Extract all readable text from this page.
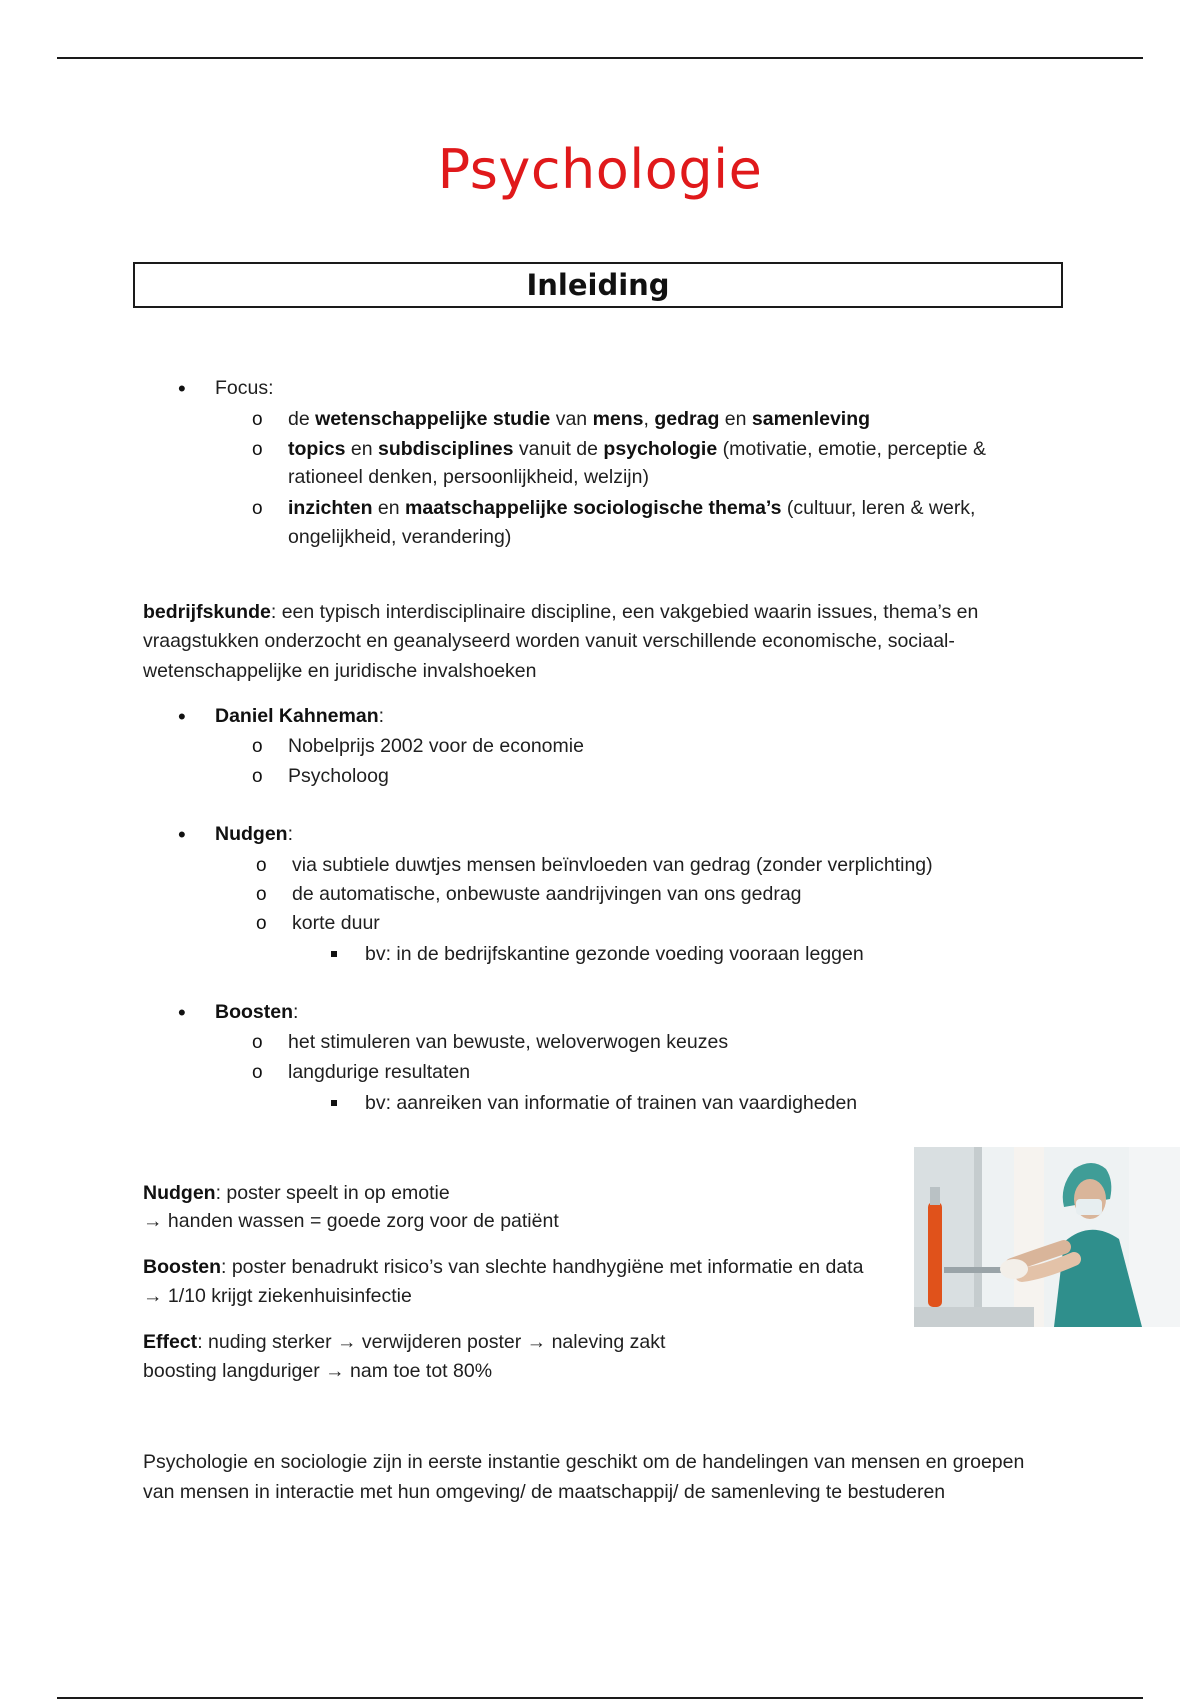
Psychologie
Inleiding
• Focus:
o de wetenschappelijke studie van mens, gedrag en samenleving
o topics en subdisciplines vanuit de psychologie (motivatie, emotie, perceptie &
rationeel denken, persoonlijkheid, welzijn)
o inzichten en maatschappelijke sociologische thema’s (cultuur, leren & werk,
ongelijkheid, verandering)
bedrijfskunde: een typisch interdisciplinaire discipline, een vakgebied waarin issues, thema’s en
vraagstukken onderzocht en geanalyseerd worden vanuit verschillende economische, sociaal-
wetenschappelijke en juridische invalshoeken
• Daniel Kahneman:
o Nobelprijs 2002 voor de economie
o Psycholoog
• Nudgen:
o via subtiele duwtjes mensen beïnvloeden van gedrag (zonder verplichting)
o de automatische, onbewuste aandrijvingen van ons gedrag
o korte duur
bv: in de bedrijfskantine gezonde voeding vooraan leggen
• Boosten:
o het stimuleren van bewuste, weloverwogen keuzes
o langdurige resultaten
bv: aanreiken van informatie of trainen van vaardigheden
Nudgen: poster speelt in op emotie
→ handen wassen = goede zorg voor de patiënt
Boosten: poster benadrukt risico’s van slechte handhygiëne met informatie en data
→ 1/10 krijgt ziekenhuisinfectie
Effect: nuding sterker → verwijderen poster → naleving zakt
boosting langduriger → nam toe tot 80%
Psychologie en sociologie zijn in eerste instantie geschikt om de handelingen van mensen en groepen
van mensen in interactie met hun omgeving/ de maatschappij/ de samenleving te bestuderen
